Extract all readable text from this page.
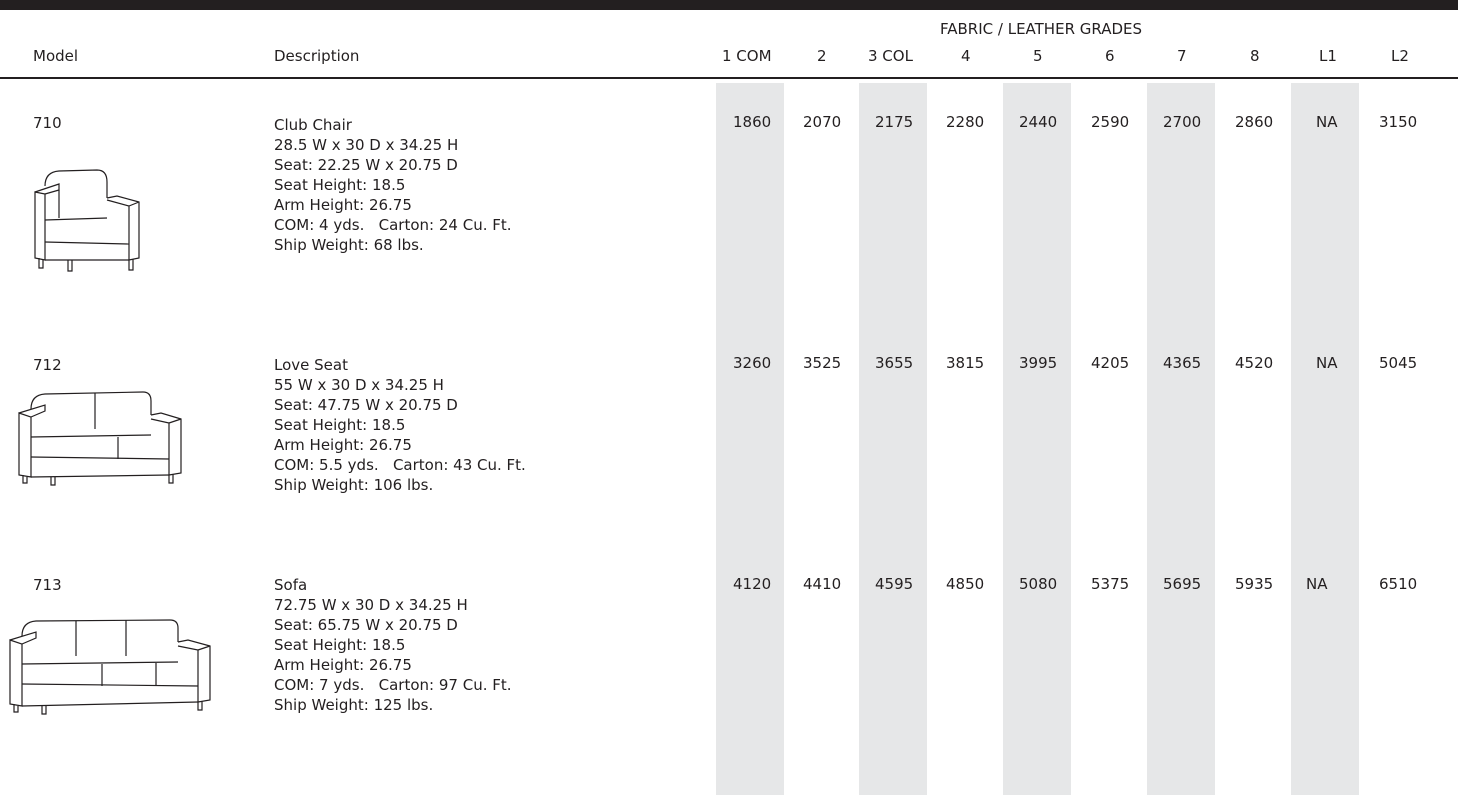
FABRIC / LEATHER GRADES
Model	Description	1 COM	2	3 COL	4	5	6	7	8	L1	L2
710	Club Chair
28.5 W x 30 D x 34.25 H
Seat: 22.25 W x 20.75 D
Seat Height: 18.5
Arm Height: 26.75
COM: 4 yds.   Carton: 24 Cu. Ft.
Ship Weight: 68 lbs.
1860 2070 2175 2280 2440 2590 2700 2860	NA	3150
712	Love Seat
55 W x 30 D x 34.25 H
Seat: 47.75 W x 20.75 D
Seat Height: 18.5
Arm Height: 26.75
COM: 5.5 yds.   Carton: 43 Cu. Ft.
Ship Weight: 106 lbs.
3260 3525 3655 3815 3995 4205 4365 4520	NA	5045
713	Sofa
72.75 W x 30 D x 34.25 H
Seat: 65.75 W x 20.75 D
Seat Height: 18.5
Arm Height: 26.75
COM: 7 yds.   Carton: 97 Cu. Ft.
Ship Weight: 125 lbs.
4120 4410 4595 4850 5080 5375 5695 5935 NA	6510
